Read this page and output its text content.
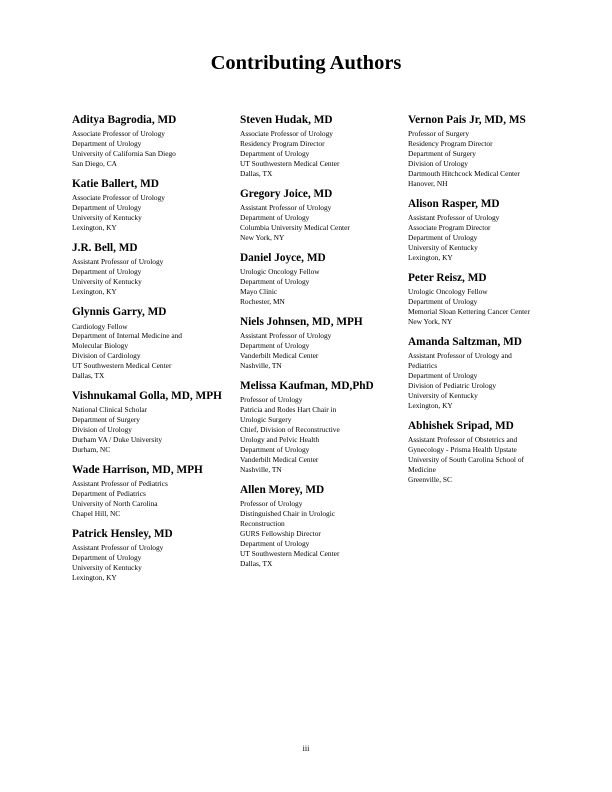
Contributing Authors
Aditya Bagrodia, MD
Associate Professor of Urology
Department of Urology
University of California San Diego
San Diego, CA
Katie Ballert, MD
Associate Professor of Urology
Department of Urology
University of Kentucky
Lexington, KY
J.R. Bell, MD
Assistant Professor of Urology
Department of Urology
University of Kentucky
Lexington, KY
Glynnis Garry, MD
Cardiology Fellow
Department of Internal Medicine and
Molecular Biology
Division of Cardiology
UT Southwestern Medical Center
Dallas, TX
Vishnukamal Golla, MD, MPH
National Clinical Scholar
Department of Surgery
Division of Urology
Durham VA / Duke University
Durham, NC
Wade Harrison, MD, MPH
Assistant Professor of Pediatrics
Department of Pediatrics
University of North Carolina
Chapel Hill, NC
Patrick Hensley, MD
Assistant Professor of Urology
Department of Urology
University of Kentucky
Lexington, KY
Steven Hudak, MD
Associate Professor of Urology
Residency Program Director
Department of Urology
UT Southwestern Medical Center
Dallas, TX
Gregory Joice, MD
Assistant Professor of Urology
Department of Urology
Columbia University Medical Center
New York, NY
Daniel Joyce, MD
Urologic Oncology Fellow
Department of Urology
Mayo Clinic
Rochester, MN
Niels Johnsen, MD, MPH
Assistant Professor of Urology
Department of Urology
Vanderbilt Medical Center
Nashville, TN
Melissa Kaufman, MD,PhD
Professor of Urology
Patricia and Rodes Hart Chair in
Urologic Surgery
Chief, Division of Reconstructive
Urology and Pelvic Health
Department of Urology
Vanderbilt Medical Center
Nashville, TN
Allen Morey, MD
Professor of Urology
Distinguished Chair in Urologic
Reconstruction
GURS Fellowship Director
Department of Urology
UT Southwestern Medical Center
Dallas, TX
Vernon Pais Jr, MD, MS
Professor of Surgery
Residency Program Director
Department of Surgery
Division of Urology
Dartmouth Hitchcock Medical Center
Hanover, NH
Alison Rasper, MD
Assistant Professor of Urology
Associate Program Director
Department of Urology
University of Kentucky
Lexington, KY
Peter Reisz, MD
Urologic Oncology Fellow
Department of Urology
Memorial Sloan Kettering Cancer Center
New York, NY
Amanda Saltzman, MD
Assistant Professor of Urology and
Pediatrics
Department of Urology
Division of Pediatric Urology
University of Kentucky
Lexington, KY
Abhishek Sripad, MD
Assistant Professor of Obstetrics and
Gynecology - Prisma Health Upstate
University of South Carolina School of
Medicine
Greenville, SC
iii
